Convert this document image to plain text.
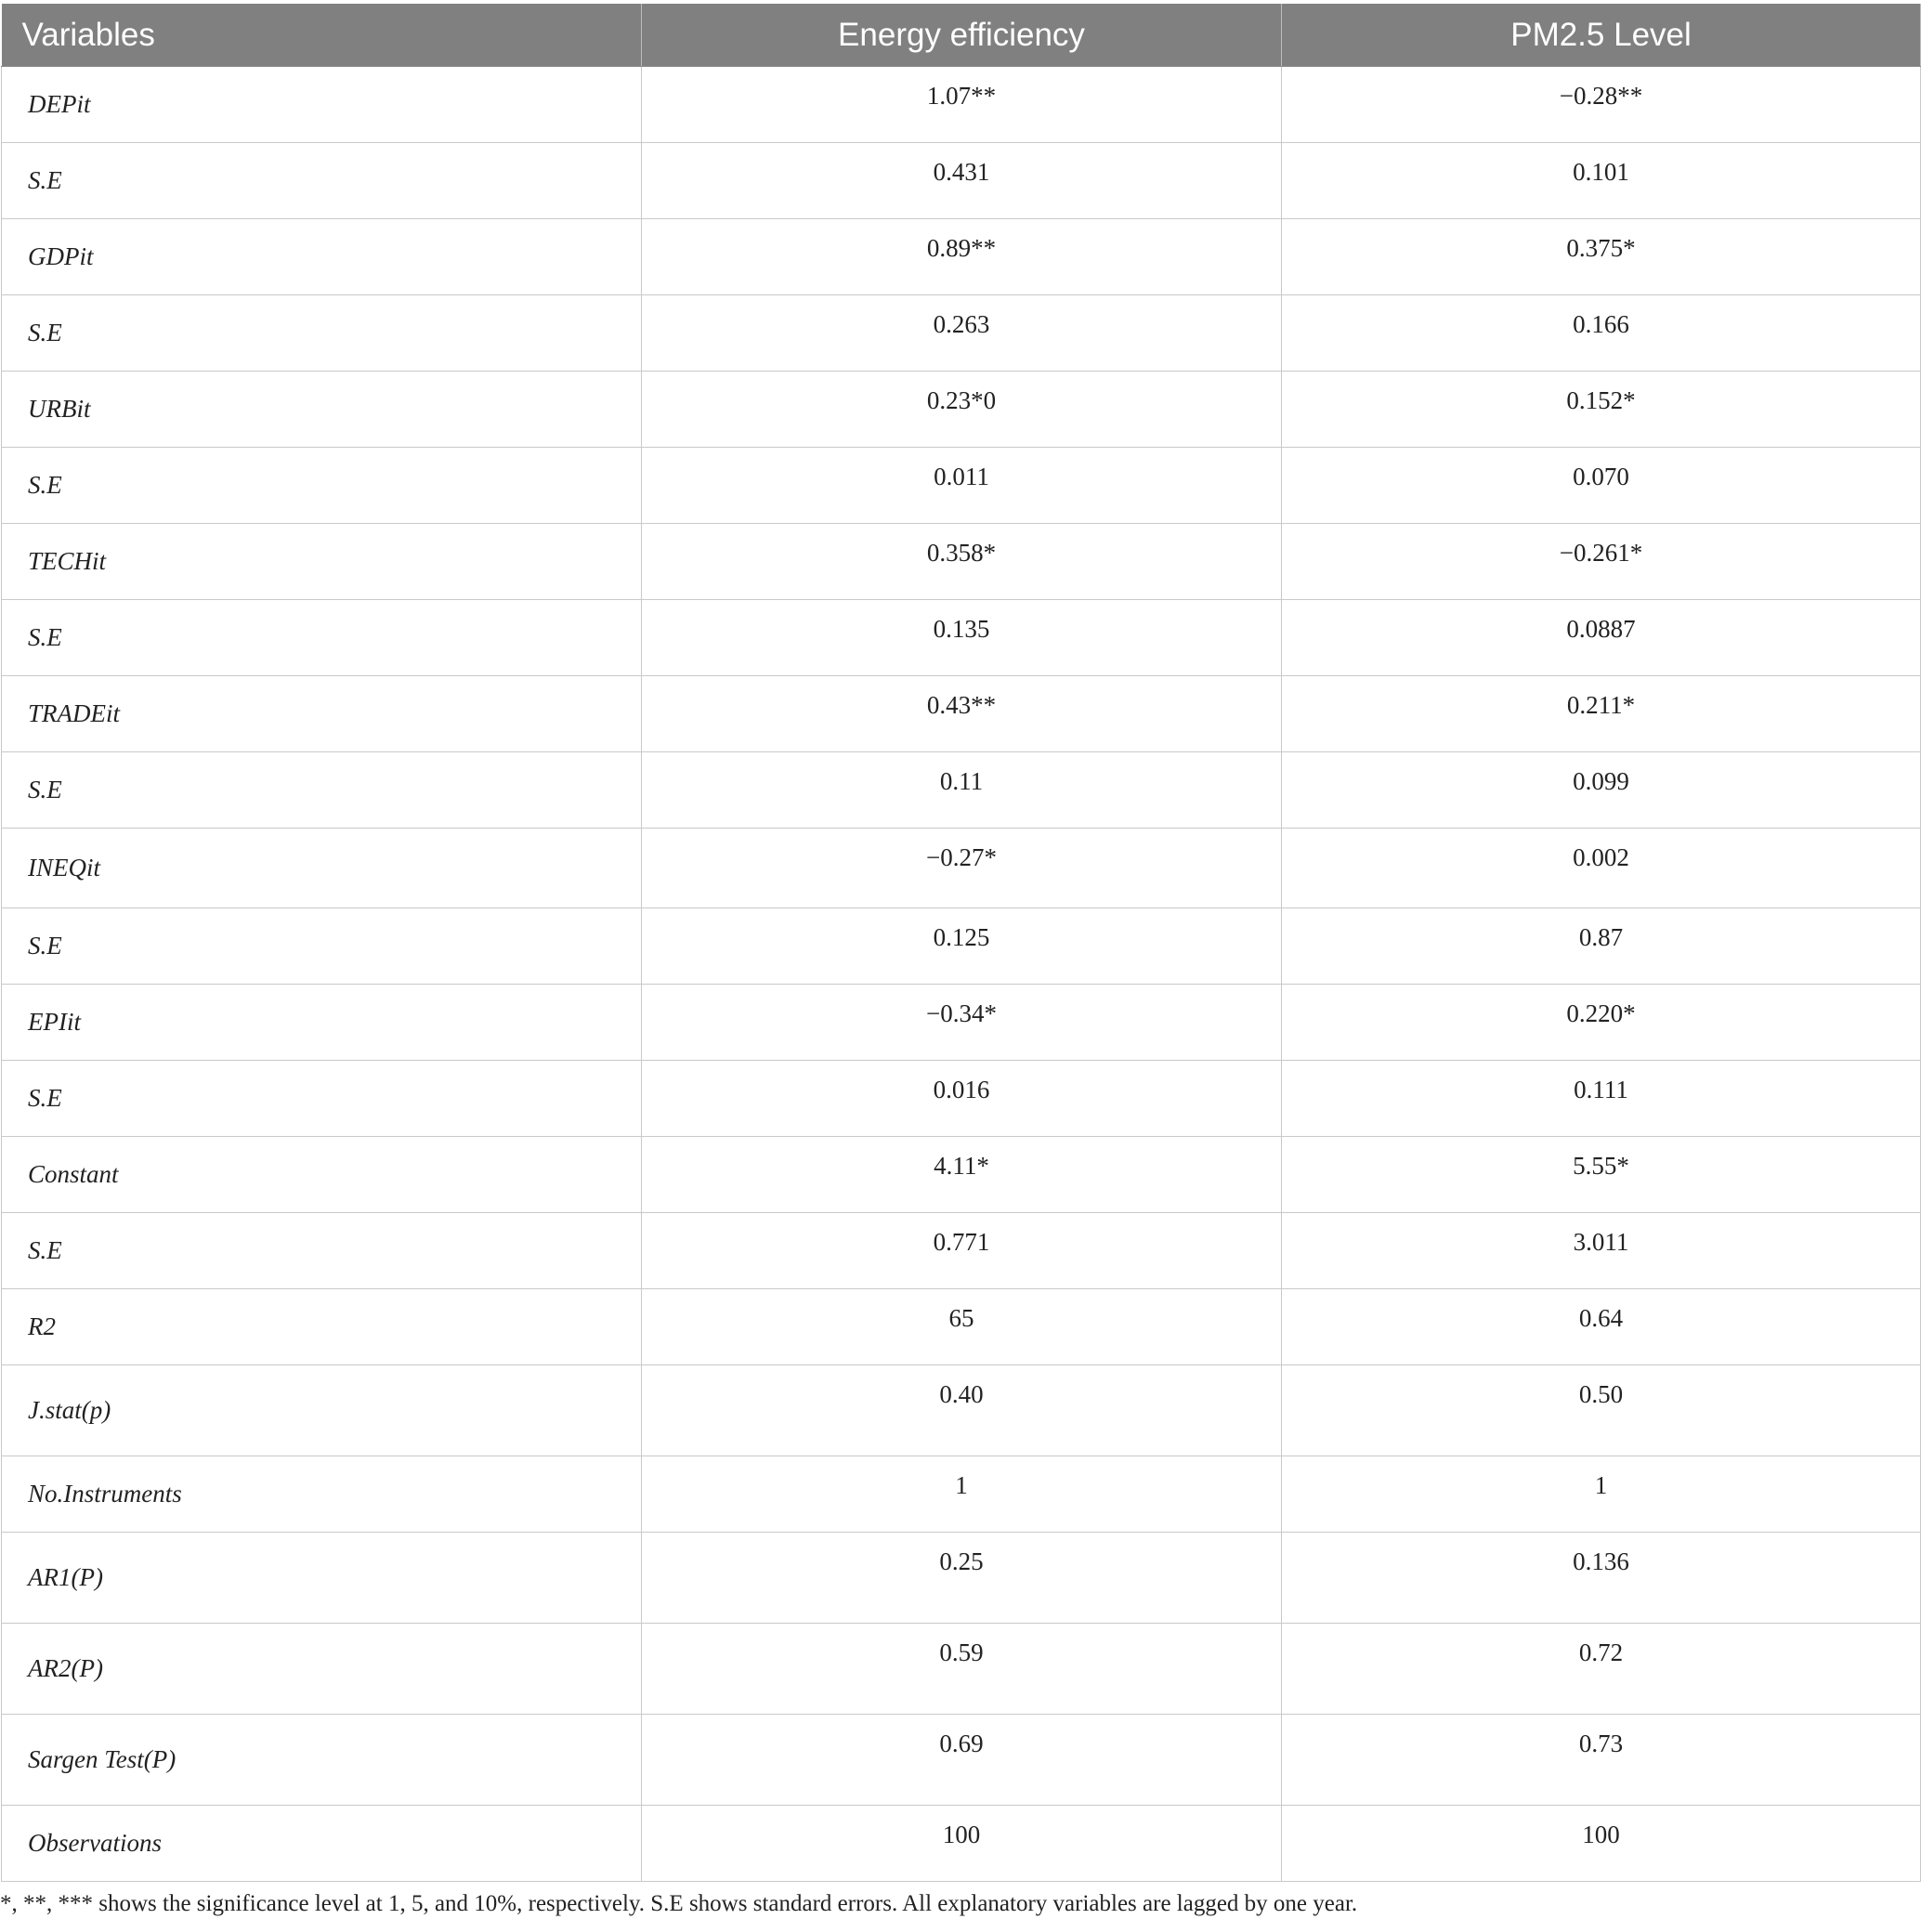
Variables	Energy efficiency	PM2.5 Level
DEPit	1.07**	−0.28**
S.E	0.431	0.101
GDPit	0.89**	0.375*
S.E	0.263	0.166
URBit	0.23*0	0.152*
S.E	0.011	0.070
TECHit	0.358*	−0.261*
S.E	0.135	0.0887
TRADEit	0.43**	0.211*
S.E	0.11	0.099
INEQit	−0.27*	0.002
S.E	0.125	0.87
EPIit	−0.34*	0.220*
S.E	0.016	0.111
Constant	4.11*	5.55*
S.E	0.771	3.011
R2	65	0.64
J.stat(p)	0.40	0.50
No.Instruments	1	1
AR1(P)	0.25	0.136
AR2(P)	0.59	0.72
Sargen Test(P)	0.69	0.73
Observations	100	100
*, **, *** shows the significance level at 1, 5, and 10%, respectively. S.E shows standard errors. All explanatory variables are lagged by one year.
